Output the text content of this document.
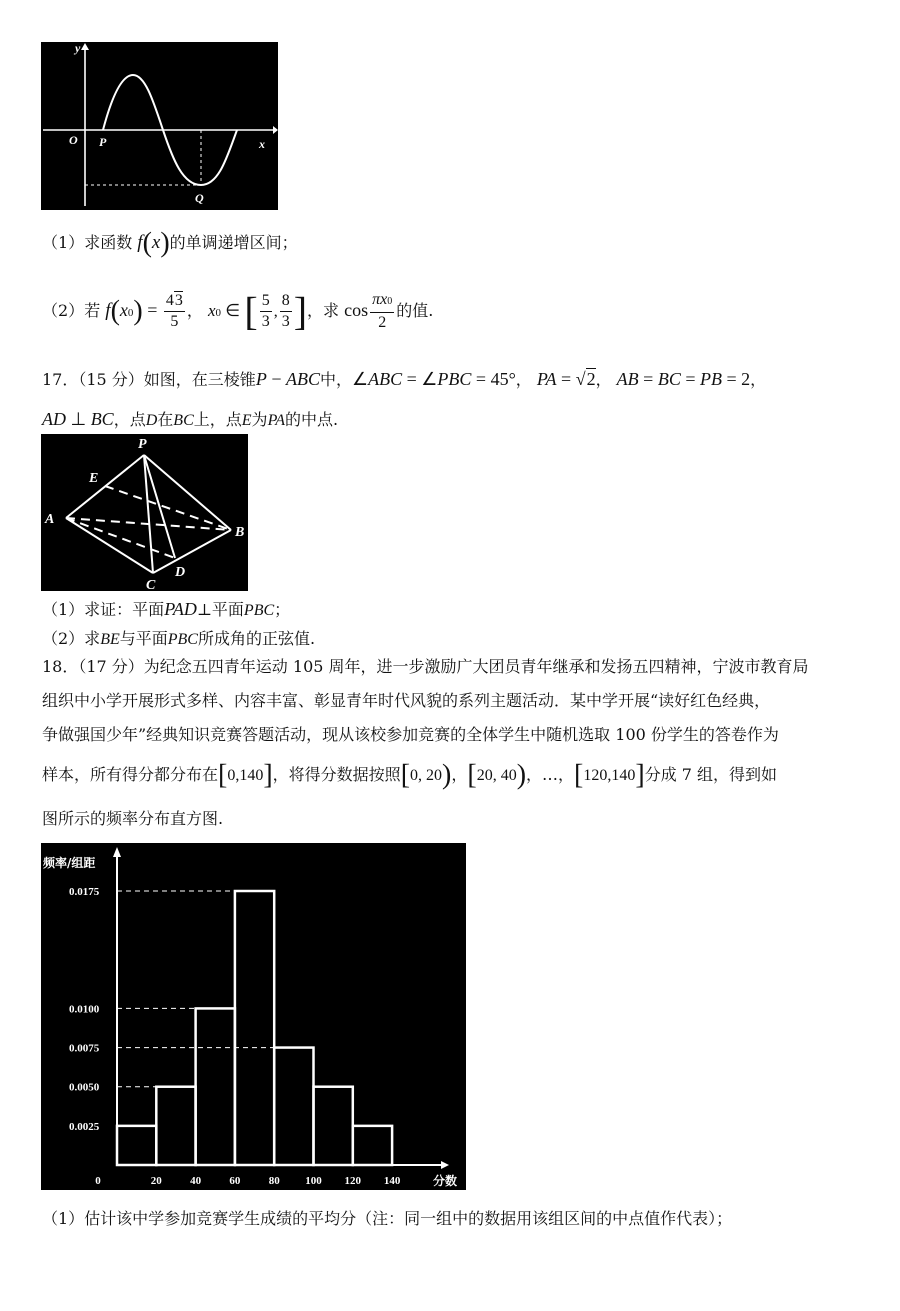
y
x
O P
Q
（1）求函数 f(x)的单调递增区间；
（2）若 $f(x0) = \frac{43}{5}$ ， x0 ∈ [ $\frac{5}{3}$ , $\frac{8}{3}$ ]，求 $\cos \frac{\pi x0}{2}$ 的值.
17．（15 分）如图，在三棱锥P − ABC中，∠ABC = ∠PBC = 45°， PA = √2， AB = BC = PB = 2，
AD ⊥ BC，点D在BC上，点E为PA的中点.
P
E
A
B
C
D
（1）求证：平面PAD⊥平面PBC；
（2）求BE与平面PBC所成角的正弦值.
18．（17 分）为纪念五四青年运动 105 周年，进一步激励广大团员青年继承和发扬五四精神，宁波市教育局
组织中小学开展形式多样、内容丰富、彰显青年时代风貌的系列主题活动．某中学开展“读好红色经典，
争做强国少年”经典知识竞赛答题活动，现从该校参加竞赛的全体学生中随机选取 100 份学生的答卷作为
样本，所有得分都分布在[0,140]，将得分数据按照[0, 20)，[20, 40)，…，[120,140]分成 7 组，得到如
图所示的频率分布直方图.
频率/组距
分数
0.0025
0.0050
0.0075
0.0100
0.0175
0	20	40	60	80 100 120 140
（1）估计该中学参加竞赛学生成绩的平均分（注：同一组中的数据用该组区间的中点值作代表）；
